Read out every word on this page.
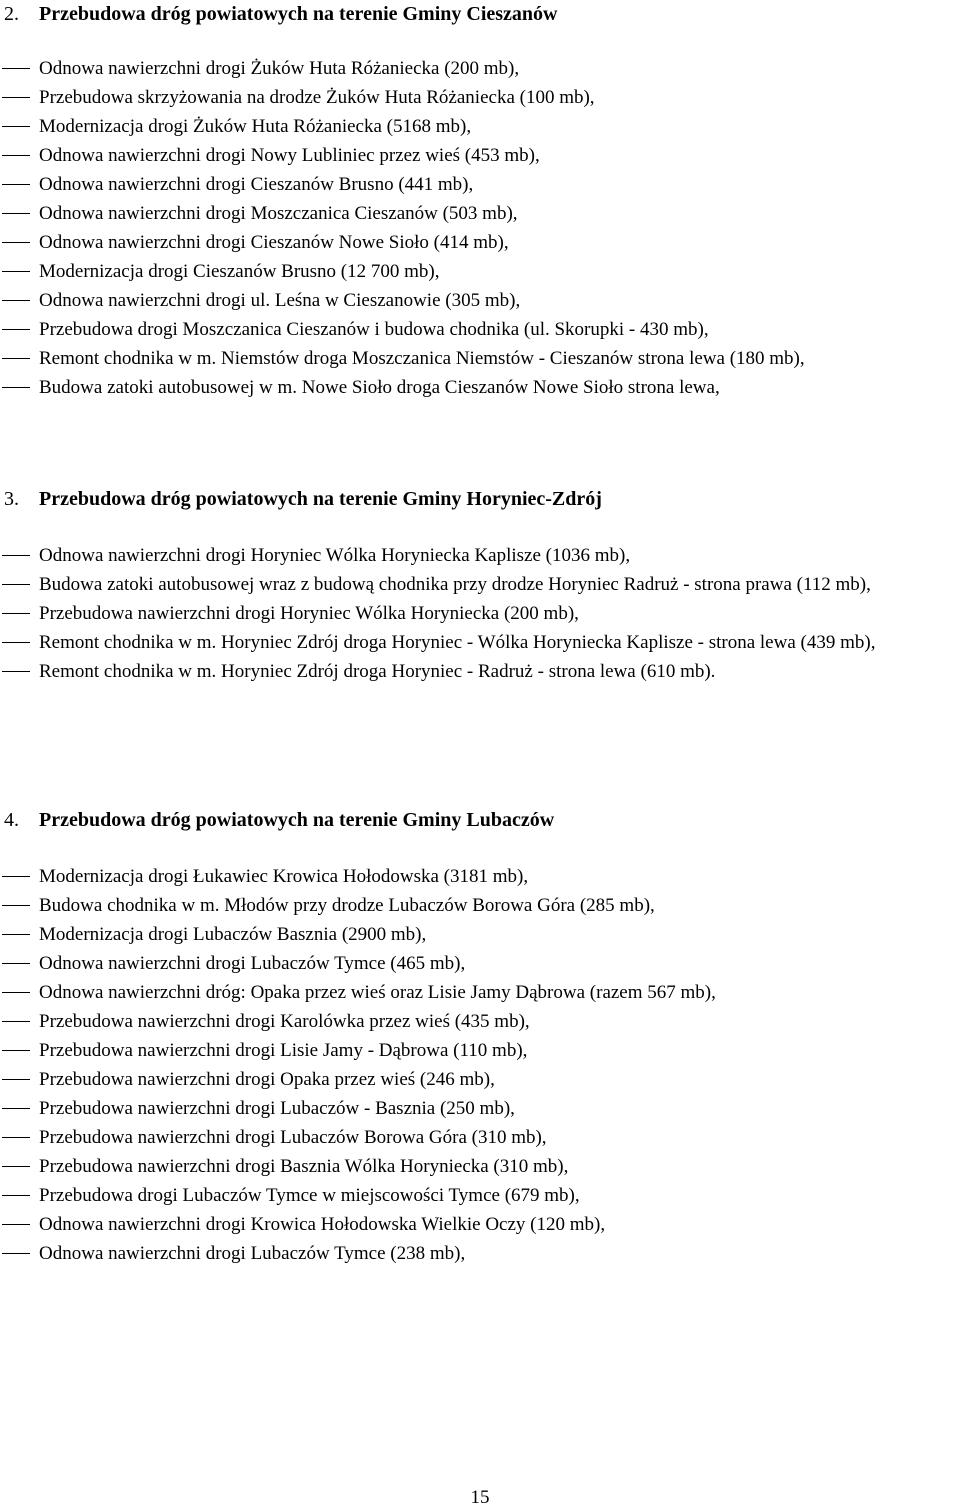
2. Przebudowa dróg powiatowych na terenie Gminy Cieszanów
Odnowa nawierzchni drogi Żuków Huta Różaniecka (200 mb),
Przebudowa skrzyżowania na drodze Żuków Huta Różaniecka (100 mb),
Modernizacja drogi Żuków Huta Różaniecka (5168 mb),
Odnowa nawierzchni drogi Nowy Lubliniec przez wieś (453 mb),
Odnowa nawierzchni drogi Cieszanów Brusno (441 mb),
Odnowa nawierzchni drogi Moszczanica Cieszanów (503 mb),
Odnowa nawierzchni drogi Cieszanów Nowe Sioło (414 mb),
Modernizacja drogi Cieszanów Brusno (12 700 mb),
Odnowa nawierzchni drogi ul. Leśna w Cieszanowie (305 mb),
Przebudowa drogi Moszczanica Cieszanów i budowa chodnika (ul. Skorupki - 430 mb),
Remont chodnika w m. Niemstów droga Moszczanica Niemstów - Cieszanów strona lewa (180 mb),
Budowa zatoki autobusowej w m. Nowe Sioło droga Cieszanów Nowe Sioło strona lewa,
3. Przebudowa dróg powiatowych na terenie Gminy Horyniec-Zdrój
Odnowa nawierzchni drogi Horyniec Wólka Horyniecka Kaplisze (1036 mb),
Budowa zatoki autobusowej wraz z budową chodnika przy drodze Horyniec Radruż - strona prawa (112 mb),
Przebudowa nawierzchni drogi Horyniec Wólka Horyniecka (200 mb),
Remont chodnika w m. Horyniec Zdrój droga Horyniec - Wólka Horyniecka Kaplisze - strona lewa (439 mb),
Remont chodnika w m. Horyniec Zdrój droga Horyniec - Radruż - strona lewa (610 mb).
4. Przebudowa dróg powiatowych na terenie Gminy Lubaczów
Modernizacja drogi Łukawiec Krowica Hołodowska (3181 mb),
Budowa chodnika w m. Młodów przy drodze Lubaczów Borowa Góra (285 mb),
Modernizacja drogi Lubaczów Basznia (2900 mb),
Odnowa nawierzchni drogi Lubaczów Tymce (465 mb),
Odnowa nawierzchni dróg: Opaka przez wieś oraz Lisie Jamy Dąbrowa (razem 567 mb),
Przebudowa nawierzchni drogi Karolówka przez wieś (435 mb),
Przebudowa nawierzchni drogi Lisie Jamy - Dąbrowa (110 mb),
Przebudowa nawierzchni drogi Opaka przez wieś (246 mb),
Przebudowa nawierzchni drogi Lubaczów - Basznia (250 mb),
Przebudowa nawierzchni drogi Lubaczów Borowa Góra (310 mb),
Przebudowa nawierzchni drogi Basznia Wólka Horyniecka (310 mb),
Przebudowa drogi Lubaczów Tymce w miejscowości Tymce (679 mb),
Odnowa nawierzchni drogi Krowica Hołodowska Wielkie Oczy (120 mb),
Odnowa nawierzchni drogi Lubaczów Tymce (238 mb),
15
